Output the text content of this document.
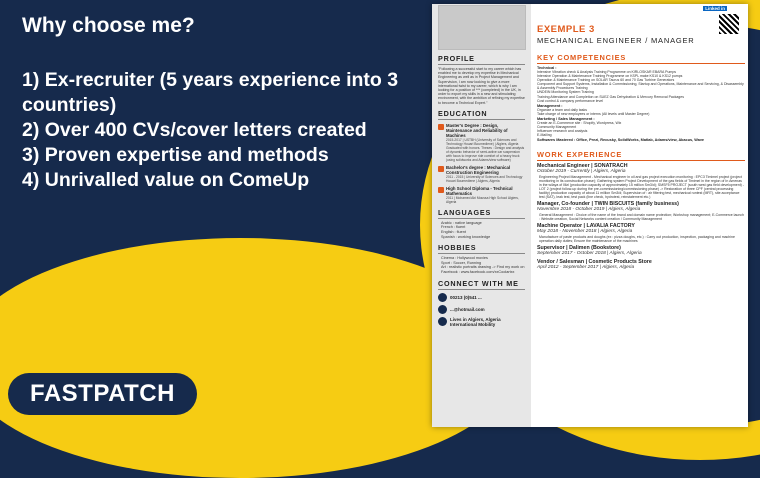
Why choose me?
1) Ex-recruiter (5 years experience into 3 countries)
2) Over 400 CVs/cover letters created
3) Proven expertise and methods
4) Unrivalled value on ComeUp
FASTPATCH
PROFILE

"Following a successful start to my career which has enabled me to develop my expertise in Mechanical Engineering as well as in Project Management and Supervision, I am now looking to give a more international twist to my career, which is why I am looking for a position of *** (completed) in the UK, in order to export my skills in a new and stimulating environment, with the ambition of refining my expertise to become a Technical Expert."

EDUCATION
Master's Degree : Design, Maintenance and Reliability of Machines
2015-2017 | USTBH (University of Sciences and Technology Houari Boumediene) | Algiers, Algeria
Graduated with honors. Theses : Design and analysis of dynamic behavior of semi-active car suspension with focus to improve ride comfort of a heavy truck (using solidworks and Adams/view software)
Bachelor's degree : Mechanical Construction Engineering
2011 - 2015 | University of Sciences and Technology Houari Boumediene | Algiers, Algeria
High School Diploma - Technical Mathematics
2011 | Mohamed Abi Moussa High School Algiers, Algeria
LANGUAGES
Arabic : native language
French : fluent
English : fluent
Spanish : working knowledge
HOBBIES
Cinema : Hollywood movies
Sport : Soccer, Running
Art : realistic portraits drawing -> Find my work on Facebook : www.facebook.com/xxCoolartxx
CONNECT WITH ME
00213 (0)541 ...
...@hotmail.com
Lives in Algiers, Algeria International Mobility
Linked in
EXEMPLE 3
MECHANICAL ENGINEER / MANAGER
KEY COMPETENCIES
Technical :
Intensive Vibration check & Analysis Training Programme on KIRLOSKAR EBARA Pumps
Intensive Operation & Maintenance Training Programme on KSPL make KS10 & KS12 pumps
Operation & Maintenance Training on SOLAR Taurus 60 and 70 Gas Turbine Generators
Component and Support Systems, Installation & Commissioning, Startup and Operations, Maintenance and Servicing, & Disassembly & Assembly Procedures Training
UNDEIN Monitoring System Training
Training Attendance and Completion on SUEZ Gas Dehydration & Mercury Removal Packages
Cost control & company performance level
Management :
Organize a team and daily tasks
Take charge of new employees or interns (All levels until Master Degree)
Marketing / Sales Management :
Create an E-Commerce site : Shopify, Wordpress, Wix
Community Management
Influencer research and analysis
E-Mailing
Softwares Mastered : Office, Prezi, Recusky, SolidWorks, Matlab, Adams/view, Abacus, Wave
WORK EXPERIENCE
Mechanical Engineer | SONATRACH
October 2019 - Currently | Algiers, Algeria

Engineering Project Management - Mechanical engineer in oil and gas project execution monitoring : EPC3 Timimel project (project monitoring in its construction phase); Gathering system Project Development of the gas fields of Timimel in the region of In Amenas in the wilaya of Illizi (production capacity of approximately 15 million Sm3/d); SMSF5 PROJECT (south west gas field development) - LOT 2 (project follow-up during the pre-commissioning/commissioning phase) -> Restoration of three CPF (central processing facility) production capacity of about 11 million Sm3/d; Supervision of : air filtering test, mechanical runtest (MRT), site acceptance test (SAT), leak test, test pack (line check, hydrotest, reinstatement etc.)

Manager, Co-founder | TWIN BISCUITS (family business)
Novembre 2018 - October 2019 | Algiers, Algeria

General Management : Choice of the name of the brand and domain name protection; Workshop management; E-Commerce launch : Website creation, Social Networks content creation / Community Management

Machine Operator | LAVALIA FACTORY
May 2018 - November 2018 | Algiers, Algeria

Manufacture of paste products and doughs (ex : pizza doughs, etc.) : Carry out production, inspection, packaging and machine operation daily duties; Ensure the maintenance of the machines

Supervisor | Dalimen (Bookstore)
September 2017 - October 2018 | Algiers, Algeria
Vendor / Salesman | Cosmetic Products Store
April 2012 - September 2017 | Algiers, Algeria
